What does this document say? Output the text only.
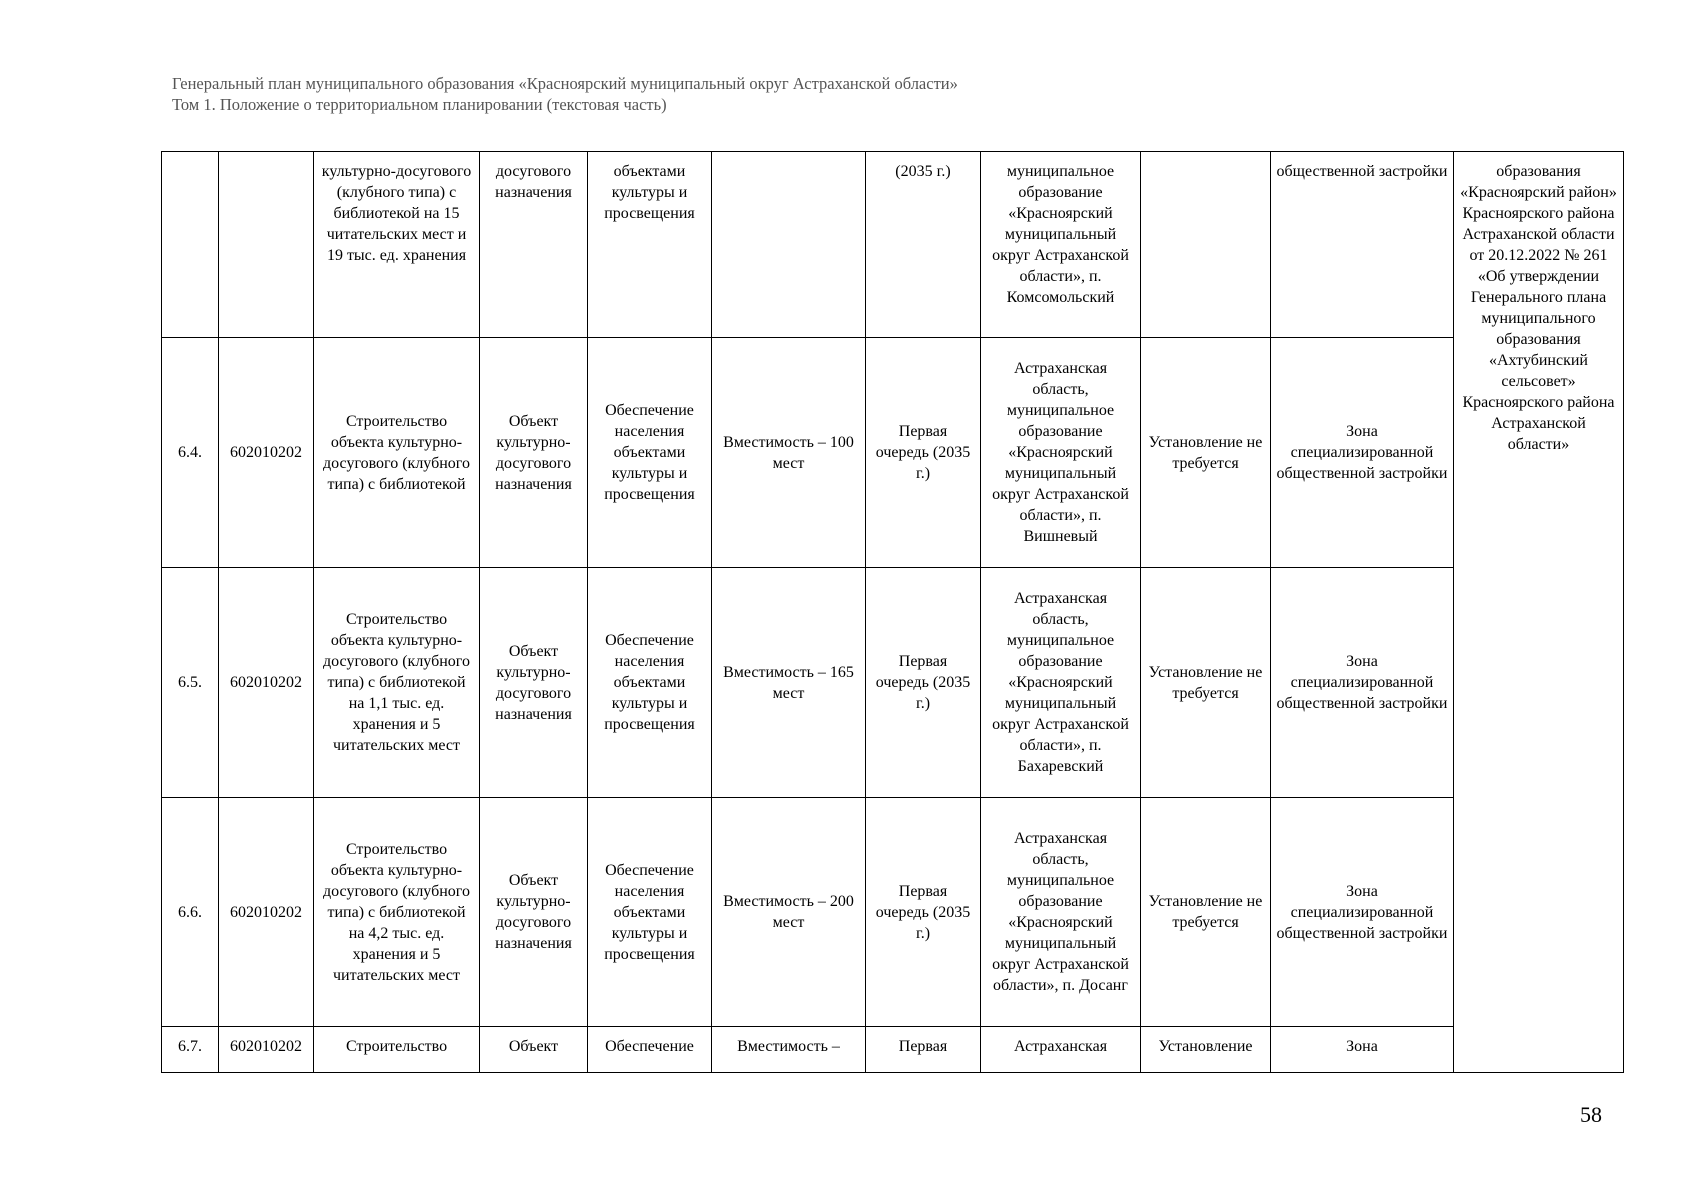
Генеральный план муниципального образования «Красноярский муниципальный округ Астраханской области»
Том 1. Положение о территориальном планировании (текстовая часть)
		культурно-досугового (клубного типа) с библиотекой на 15 читательских мест и 19 тыс. ед. хранения	досугового назначения	объектами культуры и просвещения		(2035 г.)	муниципальное образование «Красноярский муниципальный округ Астраханской области», п. Комсомольский		общественной застройки	образования «Красноярский район» Красноярского района Астраханской области от 20.12.2022 № 261 «Об утверждении Генерального плана муниципального образования «Ахтубинский сельсовет» Красноярского района Астраханской области»
6.4.	602010202	Строительство объекта культурно-досугового (клубного типа) с библиотекой	Объект культурно-досугового назначения	Обеспечение населения объектами культуры и просвещения	Вместимость – 100 мест	Первая очередь (2035 г.)	Астраханская область, муниципальное образование «Красноярский муниципальный округ Астраханской области», п. Вишневый	Установление не требуется	Зона специализированной общественной застройки	
6.5.	602010202	Строительство объекта культурно-досугового (клубного типа) с библиотекой на 1,1 тыс. ед. хранения и 5 читательских мест	Объект культурно-досугового назначения	Обеспечение населения объектами культуры и просвещения	Вместимость – 165 мест	Первая очередь (2035 г.)	Астраханская область, муниципальное образование «Красноярский муниципальный округ Астраханской области», п. Бахаревский	Установление не требуется	Зона специализированной общественной застройки	
6.6.	602010202	Строительство объекта культурно-досугового (клубного типа) с библиотекой на 4,2 тыс. ед. хранения и 5 читательских мест	Объект культурно-досугового назначения	Обеспечение населения объектами культуры и просвещения	Вместимость – 200 мест	Первая очередь (2035 г.)	Астраханская область, муниципальное образование «Красноярский муниципальный округ Астраханской области», п. Досанг	Установление не требуется	Зона специализированной общественной застройки	
6.7.	602010202	Строительство	Объект	Обеспечение	Вместимость –	Первая	Астраханская	Установление	Зона	
58
